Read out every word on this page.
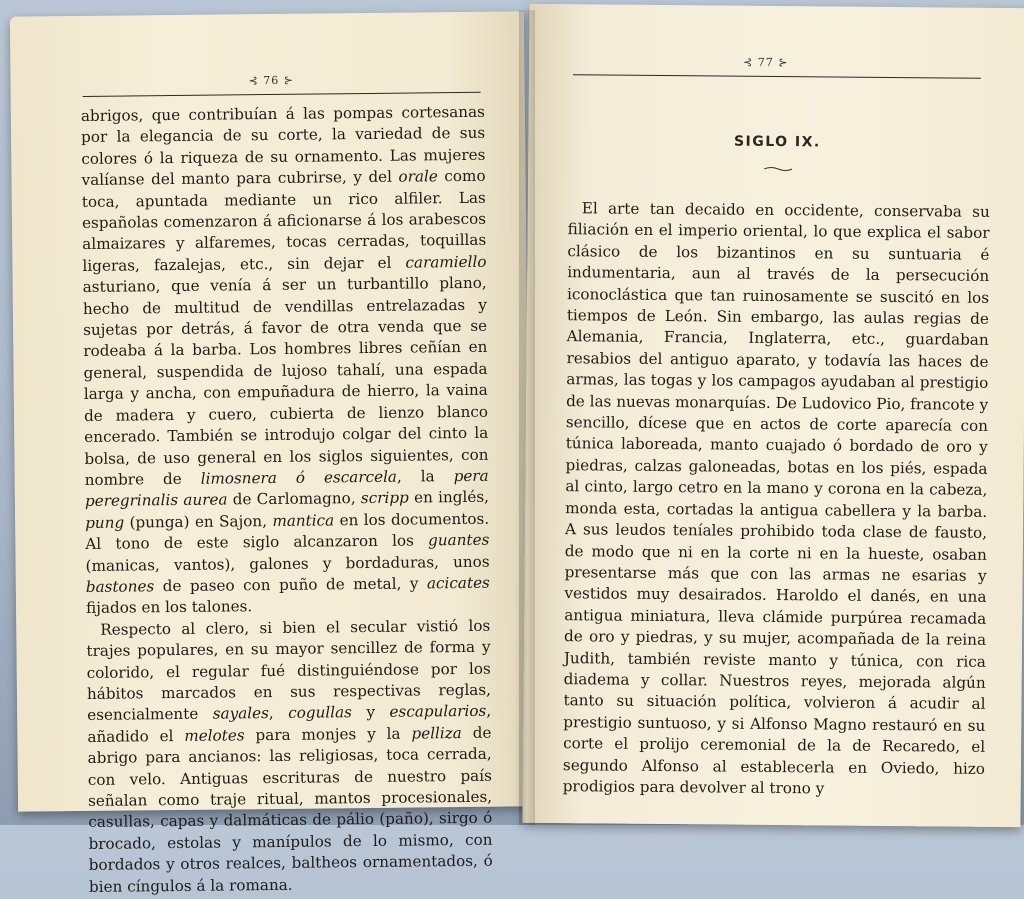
⊰ 76 ⊱

abrigos, que contribuían á las pompas cortesanas por la elegancia de su corte, la variedad de sus colores ó la riqueza de su ornamento. Las mujeres valíanse del manto para cubrirse, y del orale como toca, apuntada mediante un rico alfiler. Las españolas comenzaron á aficionarse á los arabescos almaizares y alfaremes, tocas cerradas, toquillas ligeras, fazalejas, etc., sin dejar el caramiello asturiano, que venía á ser un turbantillo plano, hecho de multitud de vendillas entrelazadas y sujetas por detrás, á favor de otra venda que se rodeaba á la barba. Los hombres libres ceñían en general, suspendida de lujoso tahalí, una espada larga y ancha, con empuñadura de hierro, la vaina de madera y cuero, cubierta de lienzo blanco encerado. También se introdujo colgar del cinto la bolsa, de uso general en los siglos siguientes, con nombre de limosnera ó escarcela, la pera peregrinalis aurea de Carlomagno, scripp en inglés, pung (punga) en Sajon, mantica en los documentos. Al tono de este siglo alcanzaron los guantes (manicas, vantos), galones y bordaduras, unos bastones de paseo con puño de metal, y acicates fijados en los talones.

Respecto al clero, si bien el secular vistió los trajes populares, en su mayor sencillez de forma y colorido, el regular fué distinguiéndose por los hábitos marcados en sus respectivas reglas, esencialmente sayales, cogullas y escapularios, añadido el melotes para monjes y la pelliza de abrigo para ancianos: las religiosas, toca cerrada, con velo. Antiguas escrituras de nuestro país señalan como traje ritual, mantos procesionales, casullas, capas y dalmáticas de pálio (paño), sirgo ó brocado, estolas y manípulos de lo mismo, con bordados y otros realces, baltheos ornamentados, ó bien cíngulos á la romana.

⊰ 77 ⊱
SIGLO IX.

El arte tan decaido en occidente, conservaba su filiación en el imperio oriental, lo que explica el sabor clásico de los bizantinos en su suntuaria é indumentaria, aun al través de la persecución iconoclástica que tan ruinosamente se suscitó en los tiempos de León. Sin embargo, las aulas regias de Alemania, Francia, Inglaterra, etc., guardaban resabios del antiguo aparato, y todavía las haces de armas, las togas y los campagos ayudaban al prestigio de las nuevas monarquías. De Ludovico Pio, francote y sencillo, dícese que en actos de corte aparecía con túnica laboreada, manto cuajado ó bordado de oro y piedras, calzas galoneadas, botas en los piés, espada al cinto, largo cetro en la mano y corona en la cabeza, monda esta, cortadas la antigua cabellera y la barba. A sus leudos teníales prohibido toda clase de fausto, de modo que ni en la corte ni en la hueste, osaban presentarse más que con las armas ne esarias y vestidos muy desairados. Haroldo el danés, en una antigua miniatura, lleva clámide purpúrea recamada de oro y piedras, y su mujer, acompañada de la reina Judith, también reviste manto y túnica, con rica diadema y collar. Nuestros reyes, mejorada algún tanto su situación política, volvieron á acudir al prestigio suntuoso, y si Alfonso Magno restauró en su corte el prolijo ceremonial de la de Recaredo, el segundo Alfonso al establecerla en Oviedo, hizo prodigios para devolver al trono y
